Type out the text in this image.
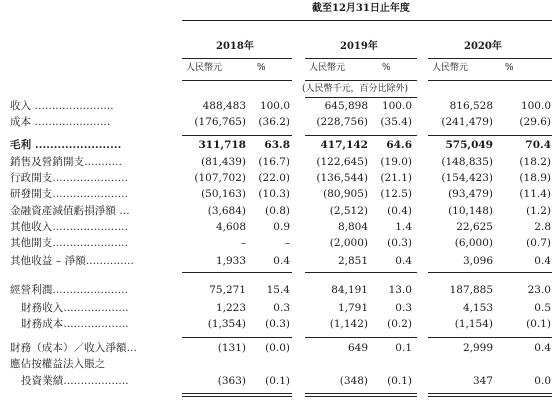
截至12月31日止年度
2018年	2019年	2020年
人民幣元	%	人民幣元	%	人民幣元	%
(人民幣千元，百分比除外)
收入 .......................	488,483	100.0	645,898	100.0	816,528	100.0
成本 ......................	(176,765)	(36.2)	(228,756)	(35.4)	(241,479)	(29.6)
毛利 .......................	311,718	63.8	417,142	64.6	575,049	70.4
銷售及營銷開支...........	(81,439)	(16.7)	(122,645)	(19.0)	(148,835)	(18.2)
行政開支......................	(107,702)	(22.0)	(136,544)	(21.1)	(154,423)	(18.9)
研發開支......................	(50,163)	(10.3)	(80,905)	(12.5)	(93,479)	(11.4)
金融資產減值虧損淨額 ...	(3,684)	(0.8)	(2,512)	(0.4)	(10,148)	(1.2)
其他收入......................	4,608	0.9	8,804	1.4	22,625	2.8
其他開支......................	–	–	(2,000)	(0.3)	(6,000)	(0.7)
其他收益 – 淨額..............	1,933	0.4	2,851	0.4	3,096	0.4
經營利潤......................	75,271	15.4	84,191	13.0	187,885	23.0
財務收入...................	1,223	0.3	1,791	0.3	4,153	0.5
財務成本...................	(1,354)	(0.3)	(1,142)	(0.2)	(1,154)	(0.1)
財務（成本）／收入淨額...	(131)	(0.0)	649	0.1	2,999	0.4
應佔按權益法入賬之
投資業績...................	(363)	(0.1)	(348)	(0.1)	347	0.0
